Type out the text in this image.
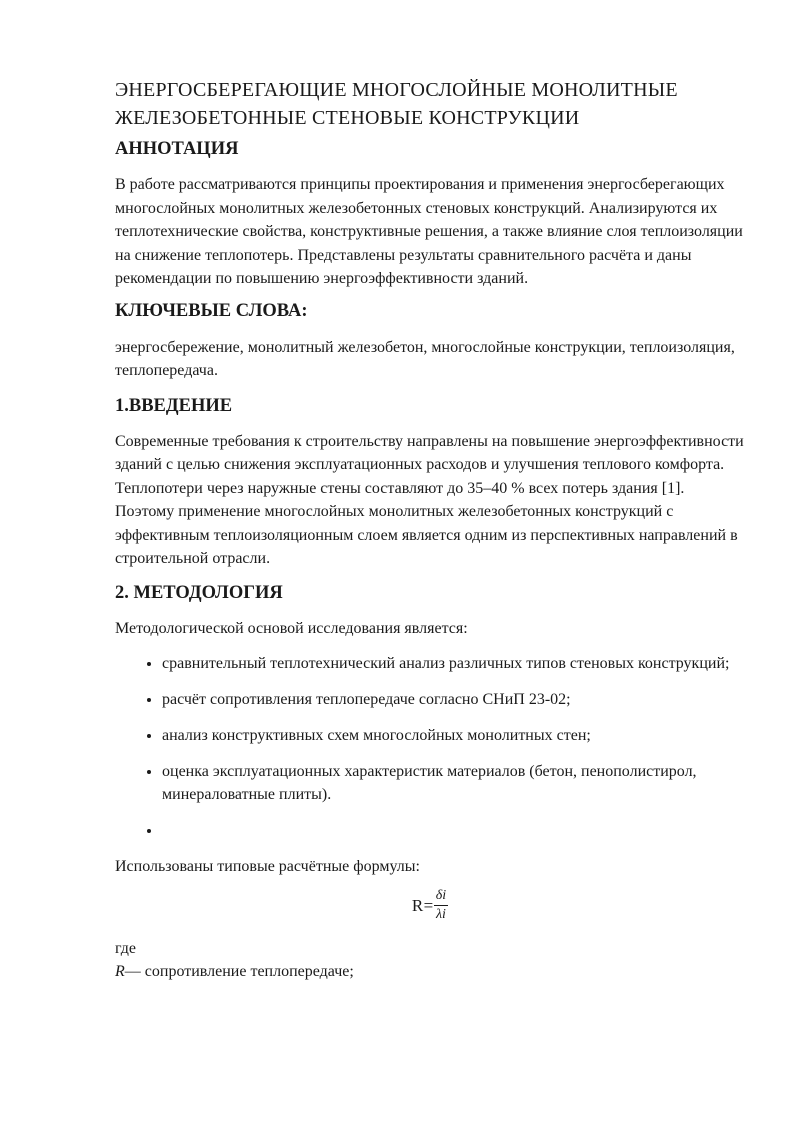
ЭНЕРГОСБЕРЕГАЮЩИЕ МНОГОСЛОЙНЫЕ МОНОЛИТНЫЕ ЖЕЛЕЗОБЕТОННЫЕ СТЕНОВЫЕ КОНСТРУКЦИИ
АННОТАЦИЯ

В работе рассматриваются принципы проектирования и применения энергосберегающих многослойных монолитных железобетонных стеновых конструкций. Анализируются их теплотехнические свойства, конструктивные решения, а также влияние слоя теплоизоляции на снижение теплопотерь. Представлены результаты сравнительного расчёта и даны рекомендации по повышению энергоэффективности зданий.

КЛЮЧЕВЫЕ СЛОВА:

энергосбережение, монолитный железобетон, многослойные конструкции, теплоизоляция, теплопередача.

1.ВВЕДЕНИЕ

Современные требования к строительству направлены на повышение энергоэффективности зданий с целью снижения эксплуатационных расходов и улучшения теплового комфорта. Теплопотери через наружные стены составляют до 35–40 % всех потерь здания [1]. Поэтому применение многослойных монолитных железобетонных конструкций с эффективным теплоизоляционным слоем является одним из перспективных направлений в строительной отрасли.

2. МЕТОДОЛОГИЯ

Методологической основой исследования является:

• сравнительный теплотехнический анализ различных типов стеновых конструкций;
• расчёт сопротивления теплопередаче согласно СНиП 23-02;
• анализ конструктивных схем многослойных монолитных стен;
• оценка эксплуатационных характеристик материалов (бетон, пенополистирол, минераловатные плиты).
•

Использованы типовые расчётные формулы:

$R= \frac{\delta i}{\lambda i}$

где

R— сопротивление теплопередаче;
